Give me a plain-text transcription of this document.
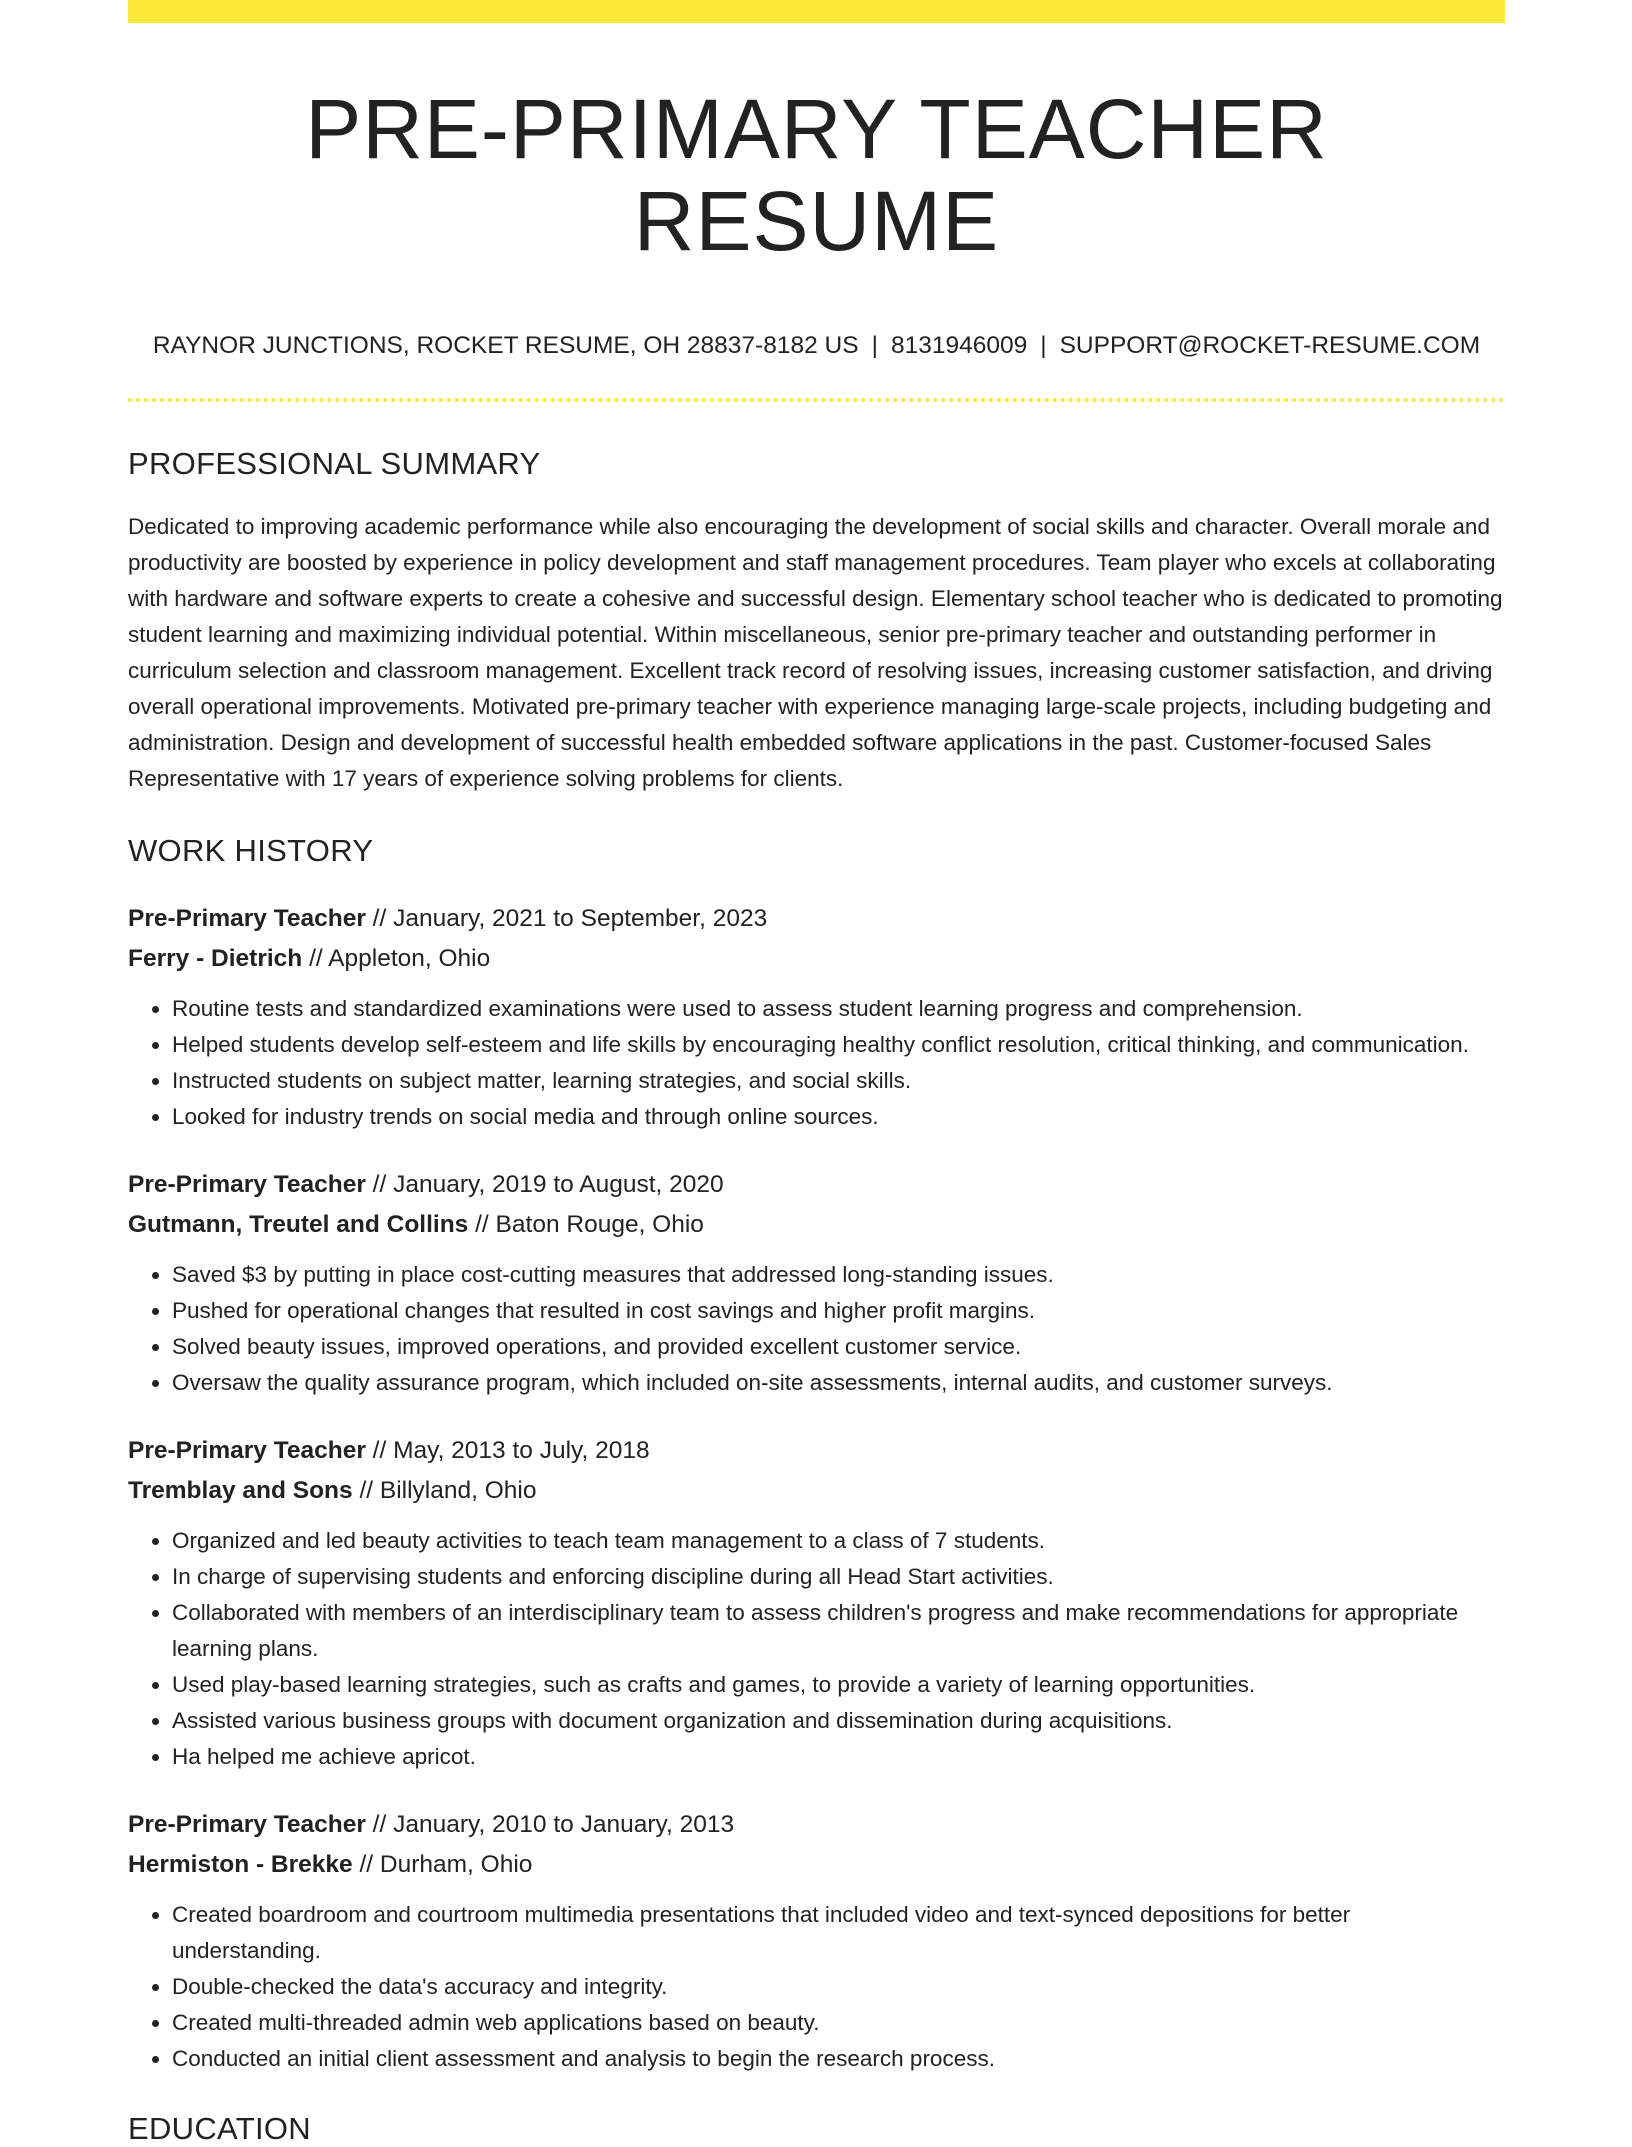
PRE-PRIMARY TEACHER RESUME
RAYNOR JUNCTIONS, ROCKET RESUME, OH 28837-8182 US | 8131946009 | SUPPORT@ROCKET-RESUME.COM
PROFESSIONAL SUMMARY
Dedicated to improving academic performance while also encouraging the development of social skills and character. Overall morale and productivity are boosted by experience in policy development and staff management procedures. Team player who excels at collaborating with hardware and software experts to create a cohesive and successful design. Elementary school teacher who is dedicated to promoting student learning and maximizing individual potential. Within miscellaneous, senior pre-primary teacher and outstanding performer in curriculum selection and classroom management. Excellent track record of resolving issues, increasing customer satisfaction, and driving overall operational improvements. Motivated pre-primary teacher with experience managing large-scale projects, including budgeting and administration. Design and development of successful health embedded software applications in the past. Customer-focused Sales Representative with 17 years of experience solving problems for clients.
WORK HISTORY
Pre-Primary Teacher // January, 2021 to September, 2023
Ferry - Dietrich // Appleton, Ohio
• Routine tests and standardized examinations were used to assess student learning progress and comprehension.
• Helped students develop self-esteem and life skills by encouraging healthy conflict resolution, critical thinking, and communication.
• Instructed students on subject matter, learning strategies, and social skills.
• Looked for industry trends on social media and through online sources.
Pre-Primary Teacher // January, 2019 to August, 2020
Gutmann, Treutel and Collins // Baton Rouge, Ohio
• Saved $3 by putting in place cost-cutting measures that addressed long-standing issues.
• Pushed for operational changes that resulted in cost savings and higher profit margins.
• Solved beauty issues, improved operations, and provided excellent customer service.
• Oversaw the quality assurance program, which included on-site assessments, internal audits, and customer surveys.
Pre-Primary Teacher // May, 2013 to July, 2018
Tremblay and Sons // Billyland, Ohio
• Organized and led beauty activities to teach team management to a class of 7 students.
• In charge of supervising students and enforcing discipline during all Head Start activities.
• Collaborated with members of an interdisciplinary team to assess children's progress and make recommendations for appropriate learning plans.
• Used play-based learning strategies, such as crafts and games, to provide a variety of learning opportunities.
• Assisted various business groups with document organization and dissemination during acquisitions.
• Ha helped me achieve apricot.
Pre-Primary Teacher // January, 2010 to January, 2013
Hermiston - Brekke // Durham, Ohio
• Created boardroom and courtroom multimedia presentations that included video and text-synced depositions for better understanding.
• Double-checked the data's accuracy and integrity.
• Created multi-threaded admin web applications based on beauty.
• Conducted an initial client assessment and analysis to begin the research process.
EDUCATION
